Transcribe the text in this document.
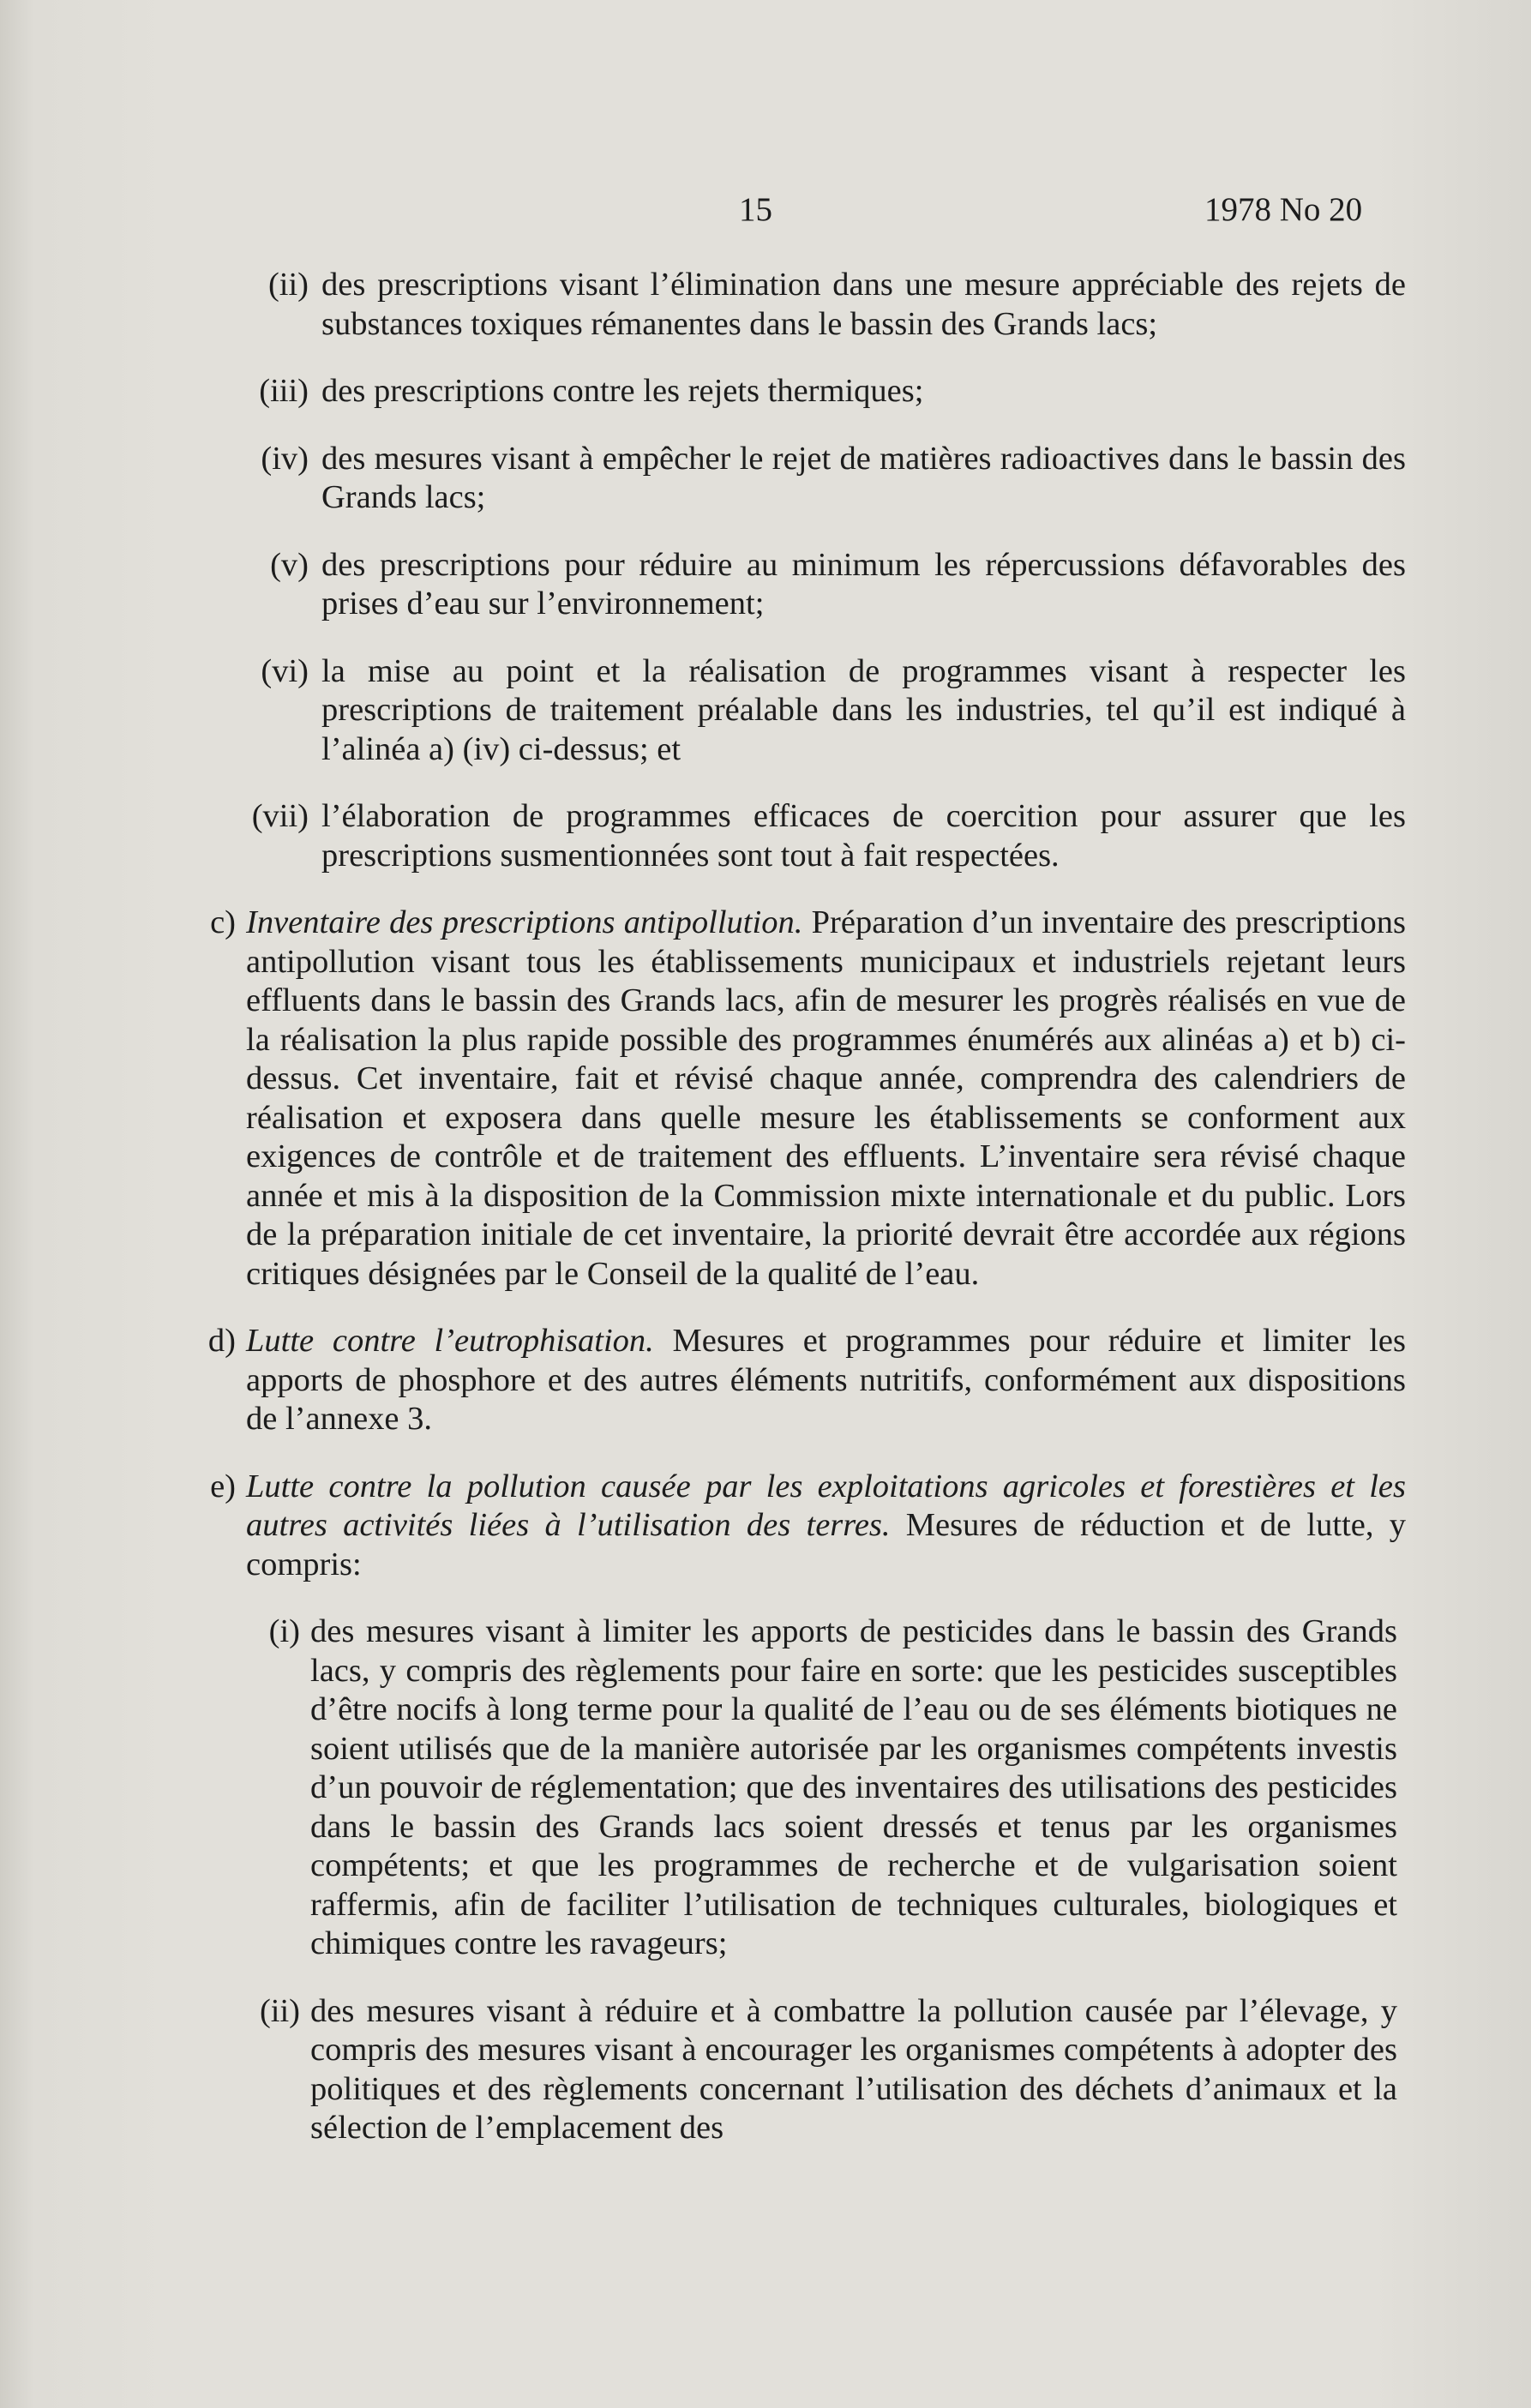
15	1978 No 20
(ii) des prescriptions visant l’élimination dans une mesure appréciable des rejets de substances toxiques rémanentes dans le bassin des Grands lacs;
(iii) des prescriptions contre les rejets thermiques;
(iv) des mesures visant à empêcher le rejet de matières radioactives dans le bassin des Grands lacs;
(v) des prescriptions pour réduire au minimum les répercussions défavorables des prises d’eau sur l’environnement;
(vi) la mise au point et la réalisation de programmes visant à respecter les prescriptions de traitement préalable dans les industries, tel qu’il est indiqué à l’alinéa a) (iv) ci-dessus; et
(vii) l’élaboration de programmes efficaces de coercition pour assurer que les prescriptions susmentionnées sont tout à fait respectées.
c) Inventaire des prescriptions antipollution. Préparation d’un inventaire des prescriptions antipollution visant tous les établissements municipaux et industriels rejetant leurs effluents dans le bassin des Grands lacs, afin de mesurer les progrès réalisés en vue de la réalisation la plus rapide possible des programmes énumérés aux alinéas a) et b) ci-dessus. Cet inventaire, fait et révisé chaque année, comprendra des calendriers de réalisation et exposera dans quelle mesure les établissements se conforment aux exigences de contrôle et de traitement des effluents. L’inventaire sera révisé chaque année et mis à la disposition de la Commission mixte internationale et du public. Lors de la préparation initiale de cet inventaire, la priorité devrait être accordée aux régions critiques désignées par le Conseil de la qualité de l’eau.
d) Lutte contre l’eutrophisation. Mesures et programmes pour réduire et limiter les apports de phosphore et des autres éléments nutritifs, conformément aux dispositions de l’annexe 3.
e) Lutte contre la pollution causée par les exploitations agricoles et forestières et les autres activités liées à l’utilisation des terres. Mesures de réduction et de lutte, y compris:
(i) des mesures visant à limiter les apports de pesticides dans le bassin des Grands lacs, y compris des règlements pour faire en sorte: que les pesticides susceptibles d’être nocifs à long terme pour la qualité de l’eau ou de ses éléments biotiques ne soient utilisés que de la manière autorisée par les organismes compétents investis d’un pouvoir de réglementation; que des inventaires des utilisations des pesticides dans le bassin des Grands lacs soient dressés et tenus par les organismes compétents; et que les programmes de recherche et de vulgarisation soient raffermis, afin de faciliter l’utilisation de techniques culturales, biologiques et chimiques contre les ravageurs;
(ii) des mesures visant à réduire et à combattre la pollution causée par l’élevage, y compris des mesures visant à encourager les organismes compétents à adopter des politiques et des règlements concernant l’utilisation des déchets d’animaux et la sélection de l’emplacement des
